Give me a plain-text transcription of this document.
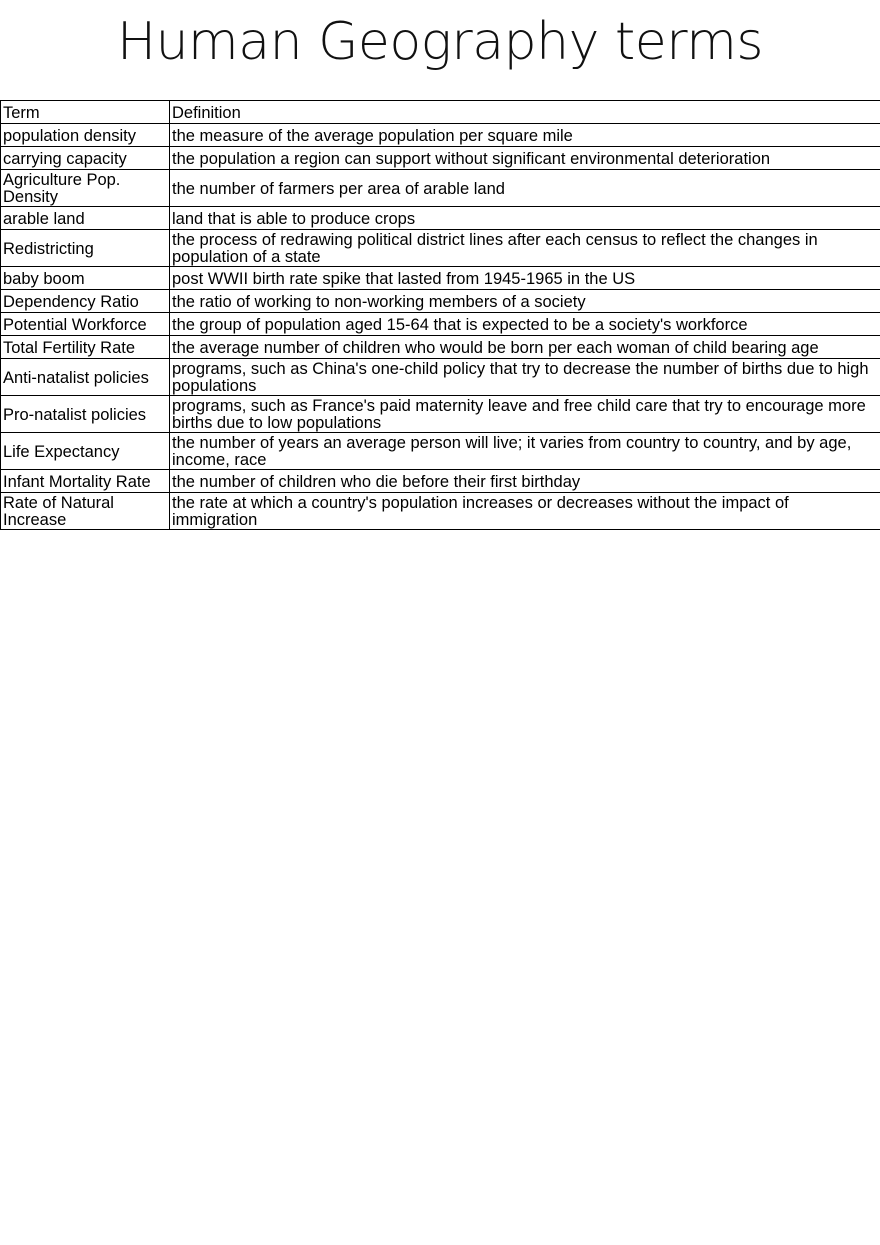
Human Geography terms
Term	Definition
population density	the measure of the average population per square mile
carrying capacity	the population a region can support without significant environmental deterioration
Agriculture Pop. Density	the number of farmers per area of arable land
arable land	land that is able to produce crops
Redistricting	the process of redrawing political district lines after each census to reflect the changes in population of a state
baby boom	post WWII birth rate spike that lasted from 1945-1965 in the US
Dependency Ratio	the ratio of working to non-working members of a society
Potential Workforce	the group of population aged 15-64 that is expected to be a society's workforce
Total Fertility Rate	the average number of children who would be born per each woman of child bearing age
Anti-natalist policies	programs, such as China's one-child policy that try to decrease the number of births due to high populations
Pro-natalist policies	programs, such as France's paid maternity leave and free child care that try to encourage more births due to low populations
Life Expectancy	the number of years an average person will live; it varies from country to country, and by age, income, race
Infant Mortality Rate	the number of children who die before their first birthday
Rate of Natural Increase	the rate at which a country's population increases or decreases without the impact of immigration
